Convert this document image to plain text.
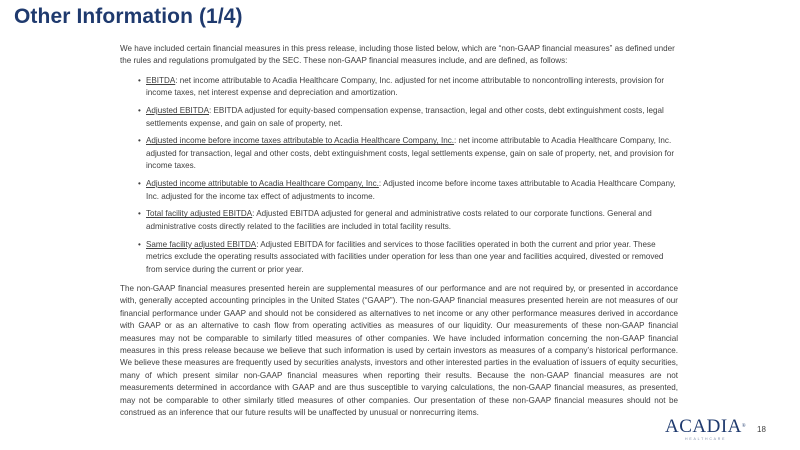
Other Information (1/4)

We have included certain financial measures in this press release, including those listed below, which are “non-GAAP financial measures” as defined under the rules and regulations promulgated by the SEC. These non-GAAP financial measures include, and are defined, as follows:

• EBITDA: net income attributable to Acadia Healthcare Company, Inc. adjusted for net income attributable to noncontrolling interests, provision for income taxes, net interest expense and depreciation and amortization.
• Adjusted EBITDA: EBITDA adjusted for equity-based compensation expense, transaction, legal and other costs, debt extinguishment costs, legal settlements expense, and gain on sale of property, net.
• Adjusted income before income taxes attributable to Acadia Healthcare Company, Inc.: net income attributable to Acadia Healthcare Company, Inc. adjusted for transaction, legal and other costs, debt extinguishment costs, legal settlements expense, gain on sale of property, net, and provision for income taxes.
• Adjusted income attributable to Acadia Healthcare Company, Inc.: Adjusted income before income taxes attributable to Acadia Healthcare Company, Inc. adjusted for the income tax effect of adjustments to income.
• Total facility adjusted EBITDA: Adjusted EBITDA adjusted for general and administrative costs related to our corporate functions. General and administrative costs directly related to the facilities are included in total facility results.
• Same facility adjusted EBITDA: Adjusted EBITDA for facilities and services to those facilities operated in both the current and prior year. These metrics exclude the operating results associated with facilities under operation for less than one year and facilities acquired, divested or removed from service during the current or prior year.

The non-GAAP financial measures presented herein are supplemental measures of our performance and are not required by, or presented in accordance with, generally accepted accounting principles in the United States (“GAAP”). The non-GAAP financial measures presented herein are not measures of our financial performance under GAAP and should not be considered as alternatives to net income or any other performance measures derived in accordance with GAAP or as an alternative to cash flow from operating activities as measures of our liquidity. Our measurements of these non-GAAP financial measures may not be comparable to similarly titled measures of other companies. We have included information concerning the non-GAAP financial measures in this press release because we believe that such information is used by certain investors as measures of a company’s historical performance. We believe these measures are frequently used by securities analysts, investors and other interested parties in the evaluation of issuers of equity securities, many of which present similar non-GAAP financial measures when reporting their results. Because the non-GAAP financial measures are not measurements determined in accordance with GAAP and are thus susceptible to varying calculations, the non-GAAP financial measures, as presented, may not be comparable to other similarly titled measures of other companies. Our presentation of these non-GAAP financial measures should not be construed as an inference that our future results will be unaffected by unusual or nonrecurring items.

ACADIA®
HEALTHCARE
18
